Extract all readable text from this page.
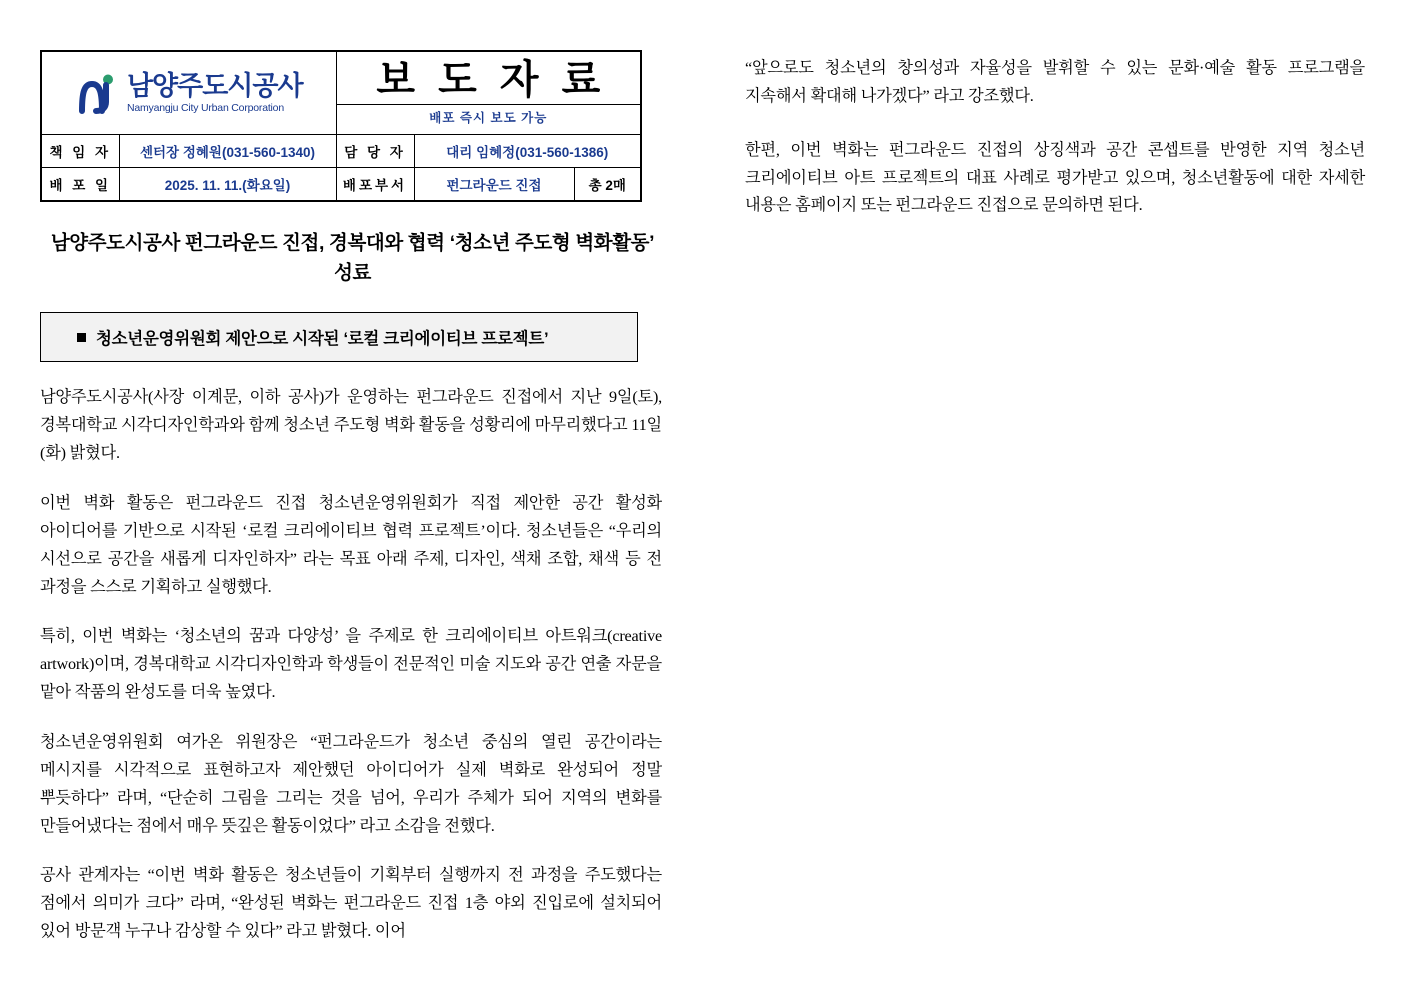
남양주도시공사
Namyangju City Urban Corporation

보 도 자 료
배포 즉시 보도 가능

책 임 자	센터장 정혜원(031-560-1340)	담 당 자	대리 임혜정(031-560-1386)	
배 포 일	2025. 11. 11.(화요일)	배포부서	펀그라운드 진접	총 2매
남양주도시공사 펀그라운드 진접, 경복대와 협력 ‘청소년 주도형 벽화활동’ 성료
청소년운영위원회 제안으로 시작된 ‘로컬 크리에이티브 프로젝트’

남양주도시공사(사장 이계문, 이하 공사)가 운영하는 펀그라운드 진접에서 지난 9일(토), 경복대학교 시각디자인학과와 함께 청소년 주도형 벽화 활동을 성황리에 마무리했다고 11일(화) 밝혔다.

이번 벽화 활동은 펀그라운드 진접 청소년운영위원회가 직접 제안한 공간 활성화 아이디어를 기반으로 시작된 ‘로컬 크리에이티브 협력 프로젝트’이다. 청소년들은 “우리의 시선으로 공간을 새롭게 디자인하자” 라는 목표 아래 주제, 디자인, 색채 조합, 채색 등 전 과정을 스스로 기획하고 실행했다.

특히, 이번 벽화는 ‘청소년의 꿈과 다양성’ 을 주제로 한 크리에이티브 아트워크(creative artwork)이며, 경복대학교 시각디자인학과 학생들이 전문적인 미술 지도와 공간 연출 자문을 맡아 작품의 완성도를 더욱 높였다.

청소년운영위원회 여가온 위원장은 “펀그라운드가 청소년 중심의 열린 공간이라는 메시지를 시각적으로 표현하고자 제안했던 아이디어가 실제 벽화로 완성되어 정말 뿌듯하다” 라며, “단순히 그림을 그리는 것을 넘어, 우리가 주체가 되어 지역의 변화를 만들어냈다는 점에서 매우 뜻깊은 활동이었다” 라고 소감을 전했다.

공사 관계자는 “이번 벽화 활동은 청소년들이 기획부터 실행까지 전 과정을 주도했다는 점에서 의미가 크다” 라며, “완성된 벽화는 펀그라운드 진접 1층 야외 진입로에 설치되어 있어 방문객 누구나 감상할 수 있다” 라고 밝혔다. 이어

“앞으로도 청소년의 창의성과 자율성을 발휘할 수 있는 문화·예술 활동 프로그램을 지속해서 확대해 나가겠다” 라고 강조했다.

한편, 이번 벽화는 펀그라운드 진접의 상징색과 공간 콘셉트를 반영한 지역 청소년 크리에이티브 아트 프로젝트의 대표 사례로 평가받고 있으며, 청소년활동에 대한 자세한 내용은 홈페이지 또는 펀그라운드 진접으로 문의하면 된다.
